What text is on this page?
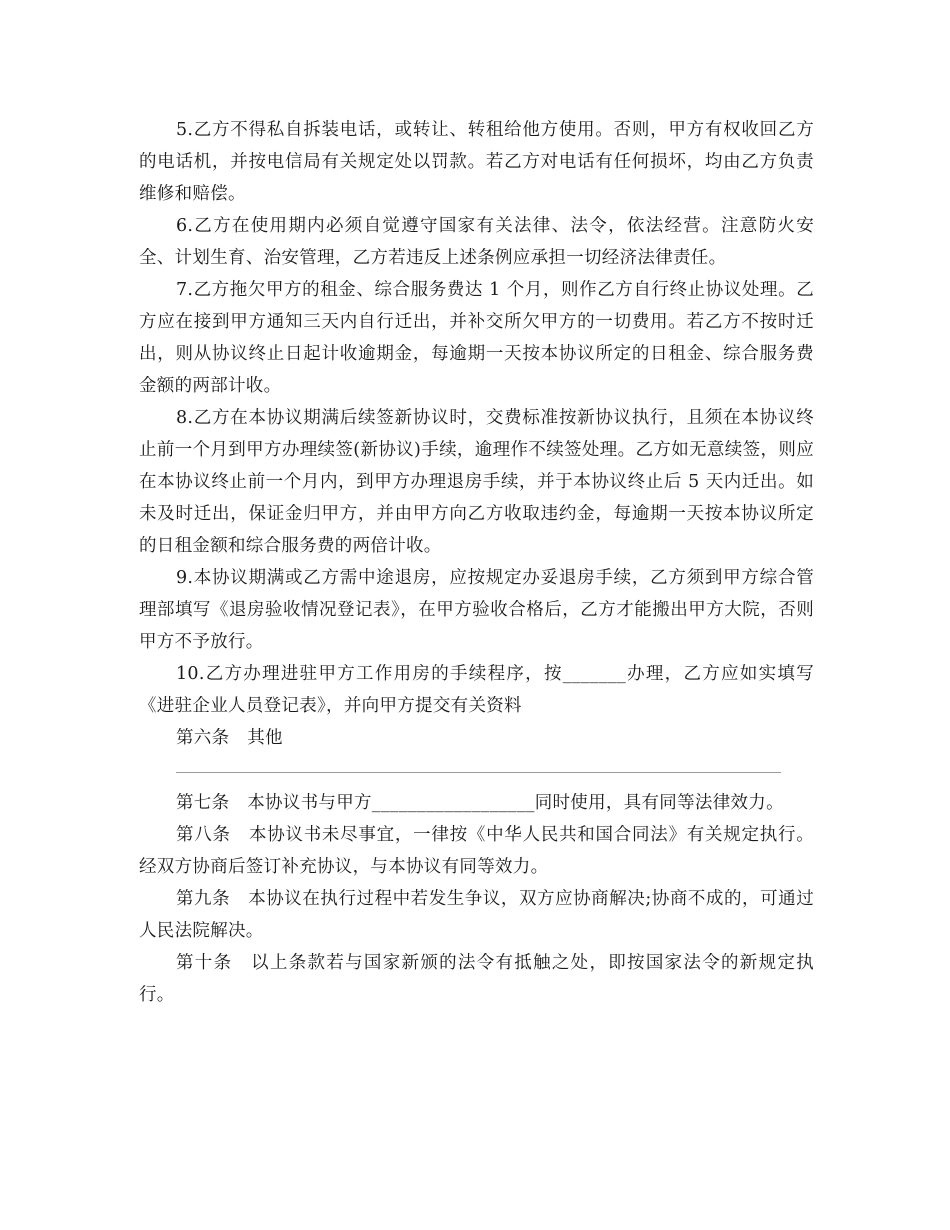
5.乙方不得私自拆装电话，或转让、转租给他方使用。否则，甲方有权收回乙方的电话机，并按电信局有关规定处以罚款。若乙方对电话有任何损坏，均由乙方负责维修和赔偿。

6.乙方在使用期内必须自觉遵守国家有关法律、法令，依法经营。注意防火安全、计划生育、治安管理，乙方若违反上述条例应承担一切经济法律责任。

7.乙方拖欠甲方的租金、综合服务费达 1 个月，则作乙方自行终止协议处理。乙方应在接到甲方通知三天内自行迁出，并补交所欠甲方的一切费用。若乙方不按时迁出，则从协议终止日起计收逾期金，每逾期一天按本协议所定的日租金、综合服务费金额的两部计收。

8.乙方在本协议期满后续签新协议时，交费标准按新协议执行，且须在本协议终止前一个月到甲方办理续签(新协议)手续，逾理作不续签处理。乙方如无意续签，则应在本协议终止前一个月内，到甲方办理退房手续，并于本协议终止后 5 天内迁出。如未及时迁出，保证金归甲方，并由甲方向乙方收取违约金，每逾期一天按本协议所定的日租金额和综合服务费的两倍计收。

9.本协议期满或乙方需中途退房，应按规定办妥退房手续，乙方须到甲方综合管理部填写《退房验收情况登记表》，在甲方验收合格后，乙方才能搬出甲方大院，否则甲方不予放行。

10.乙方办理进驻甲方工作用房的手续程序，按_______办理，乙方应如实填写《进驻企业人员登记表》，并向甲方提交有关资料

第六条　其他

第七条　本协议书与甲方__________________同时使用，具有同等法律效力。

第八条　本协议书未尽事宜，一律按《中华人民共和国合同法》有关规定执行。经双方协商后签订补充协议，与本协议有同等效力。

第九条　本协议在执行过程中若发生争议，双方应协商解决;协商不成的，可通过人民法院解决。

第十条　以上条款若与国家新颁的法令有抵触之处，即按国家法令的新规定执行。
